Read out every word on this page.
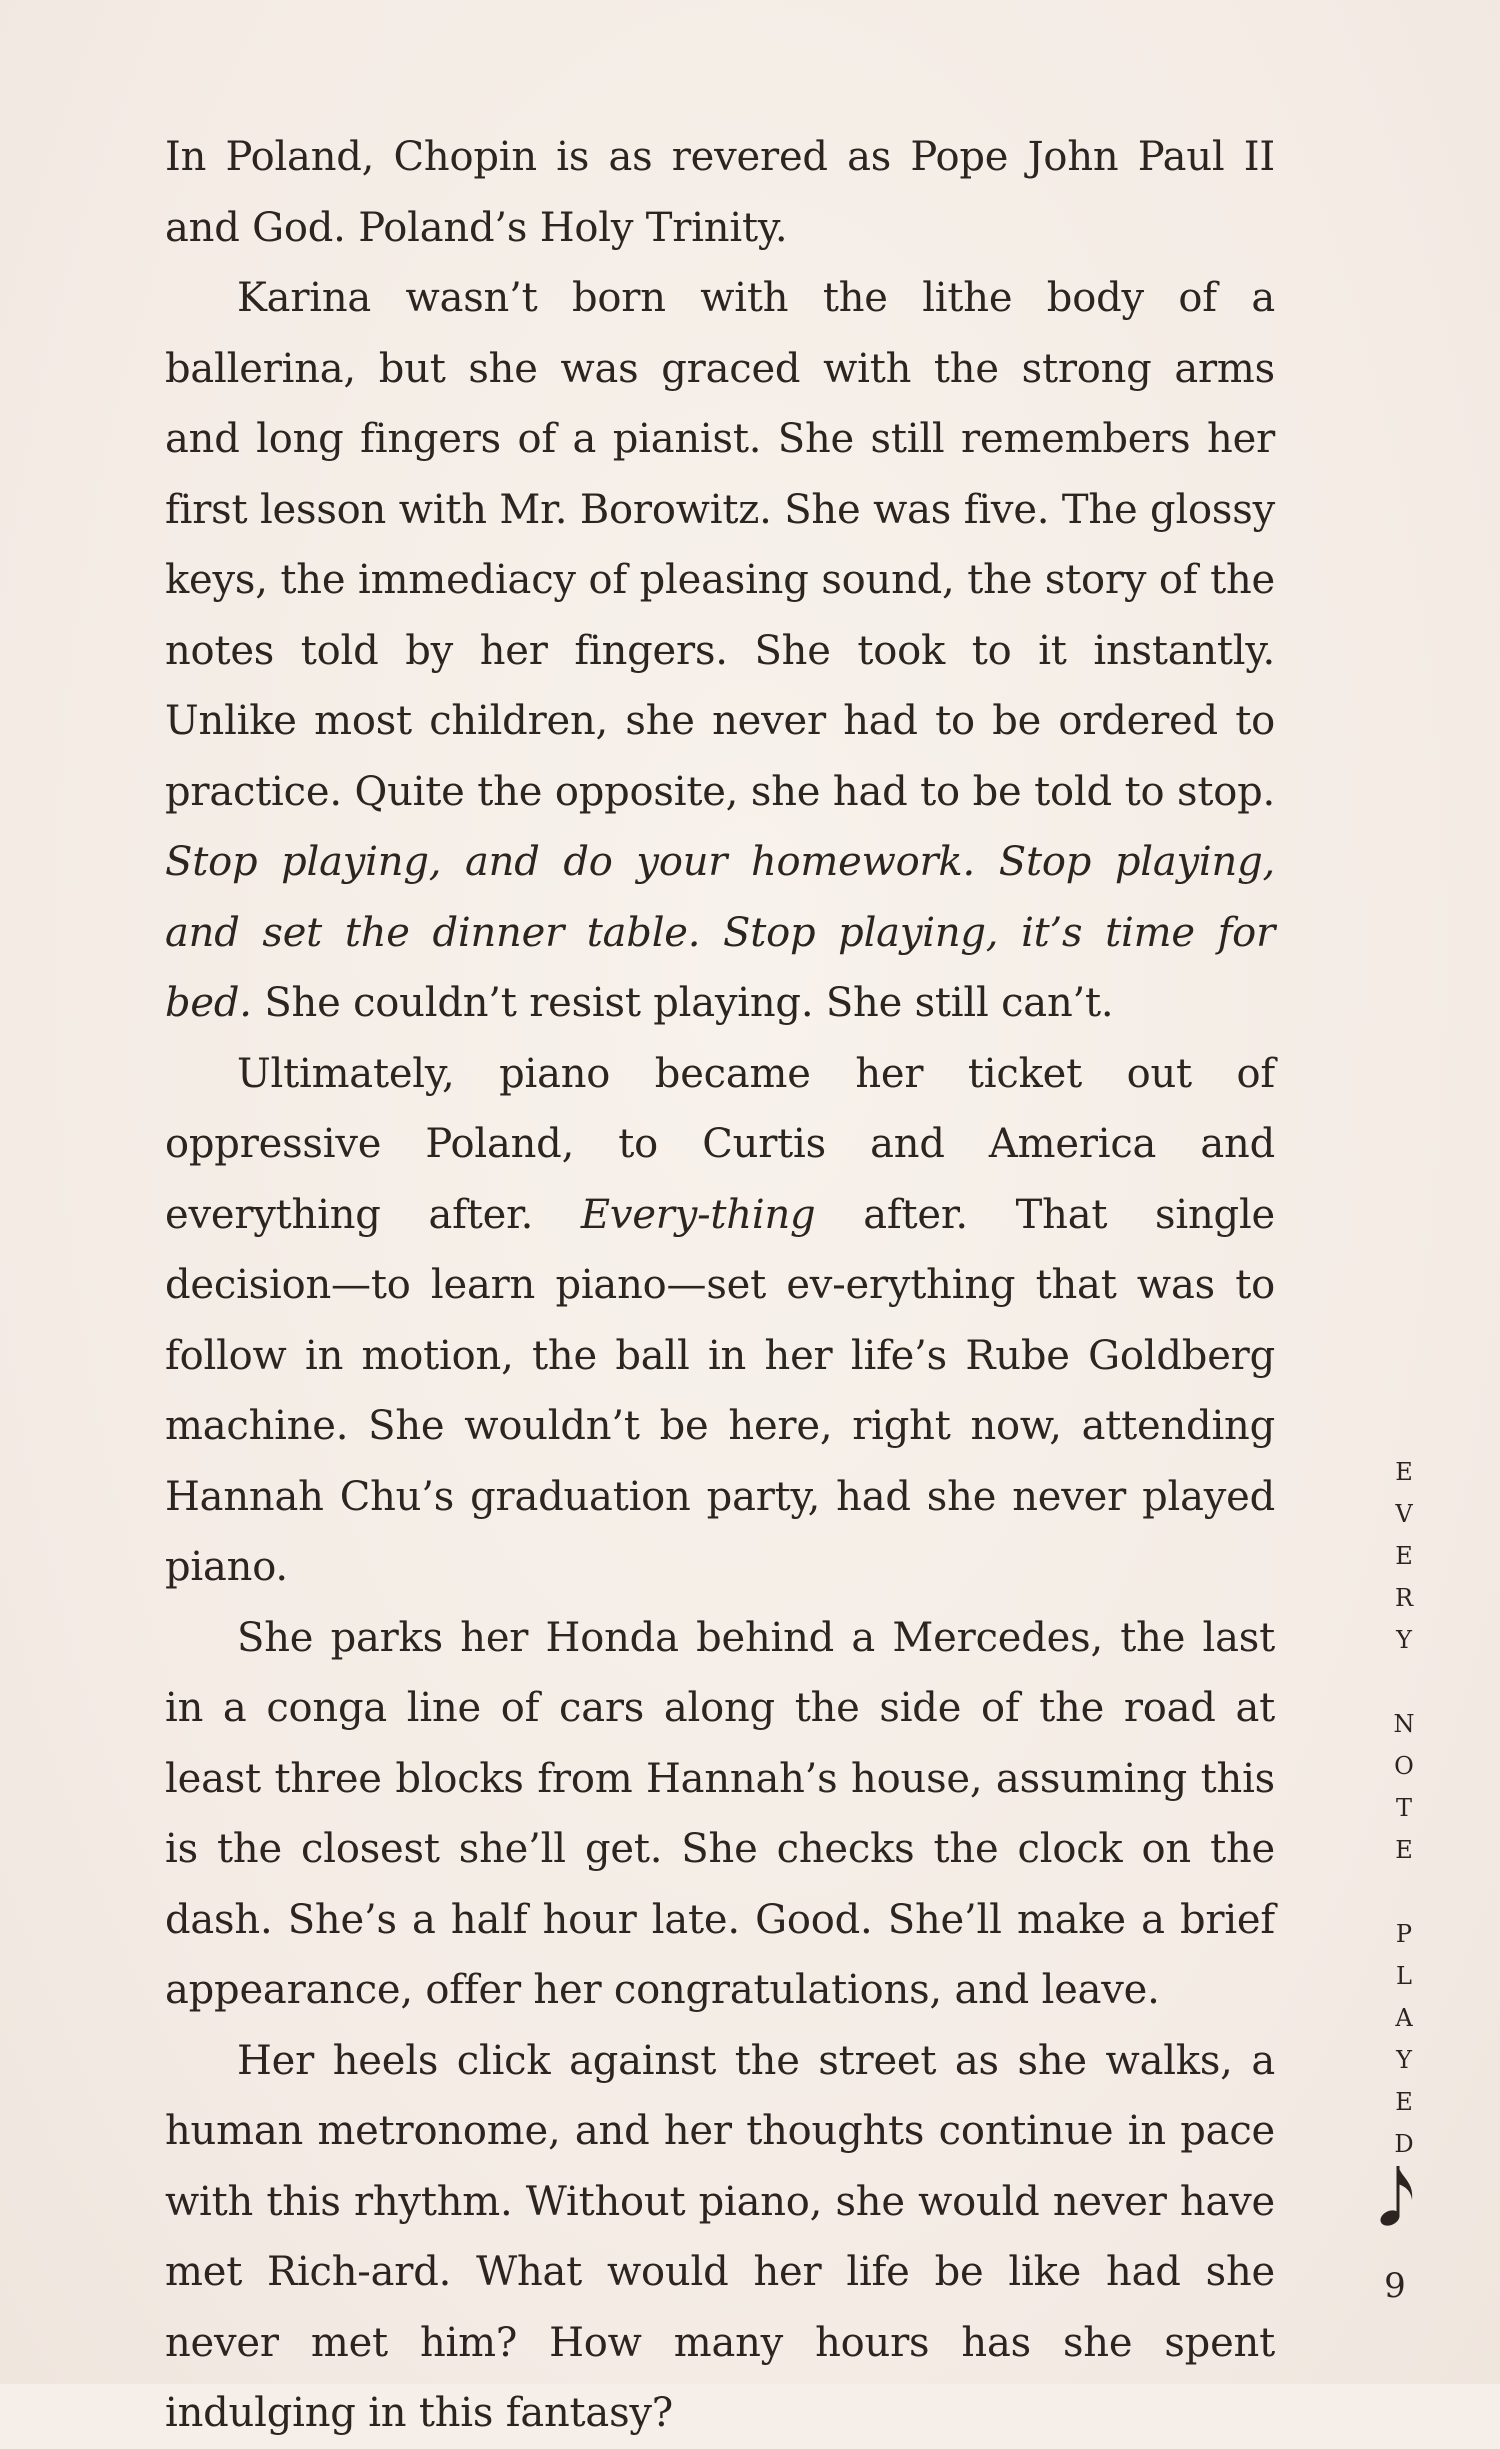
In Poland, Chopin is as revered as Pope John Paul II and God. Poland’s Holy Trinity.

Karina wasn’t born with the lithe body of a ballerina, but she was graced with the strong arms and long fingers of a pianist. She still remembers her first lesson with Mr. Borowitz. She was five. The glossy keys, the immediacy of pleasing sound, the story of the notes told by her fingers. She took to it instantly. Unlike most children, she never had to be ordered to practice. Quite the opposite, she had to be told to stop. Stop playing, and do your homework. Stop playing, and set the dinner table. Stop playing, it’s time for bed. She couldn’t resist playing. She still can’t.

Ultimately, piano became her ticket out of oppressive Poland, to Curtis and America and everything after. Every-thing after. That single decision—to learn piano—set ev-erything that was to follow in motion, the ball in her life’s Rube Goldberg machine. She wouldn’t be here, right now, attending Hannah Chu’s graduation party, had she never played piano.

She parks her Honda behind a Mercedes, the last in a conga line of cars along the side of the road at least three blocks from Hannah’s house, assuming this is the closest she’ll get. She checks the clock on the dash. She’s a half hour late. Good. She’ll make a brief appearance, offer her congratulations, and leave.

Her heels click against the street as she walks, a human metronome, and her thoughts continue in pace with this rhythm. Without piano, she would never have met Rich-ard. What would her life be like had she never met him? How many hours has she spent indulging in this fantasy?

EVERY NOTE PLAYED
9
